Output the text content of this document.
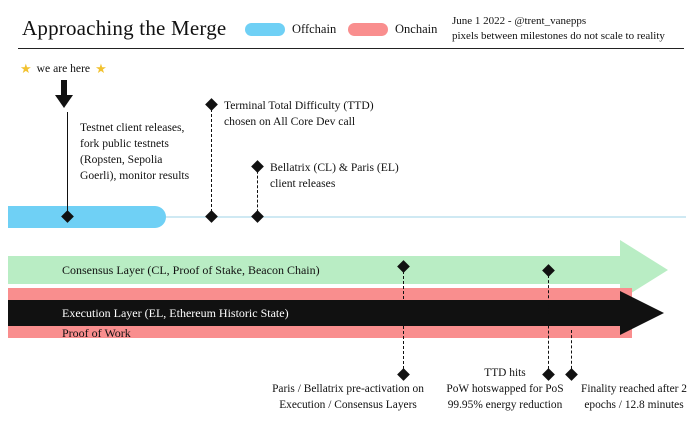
Approaching the Merge	Offchain	Onchain
June 1 2022 - @trent_vanepps
pixels between milestones do not scale to reality
★ we are here ★
Testnet client releases,
fork public testnets
(Ropsten, Sepolia
Goerli), monitor results
Terminal Total Difficulty (TTD)
chosen on All Core Dev call
Bellatrix (CL) & Paris (EL)
client releases
Consensus Layer (CL, Proof of Stake, Beacon Chain)
Execution Layer (EL, Ethereum Historic State)
Proof of Work
Paris / Bellatrix pre-activation on
Execution / Consensus Layers
TTD hits
PoW hotswapped for PoS
99.95% energy reduction
Finality reached after 2
epochs / 12.8 minutes
